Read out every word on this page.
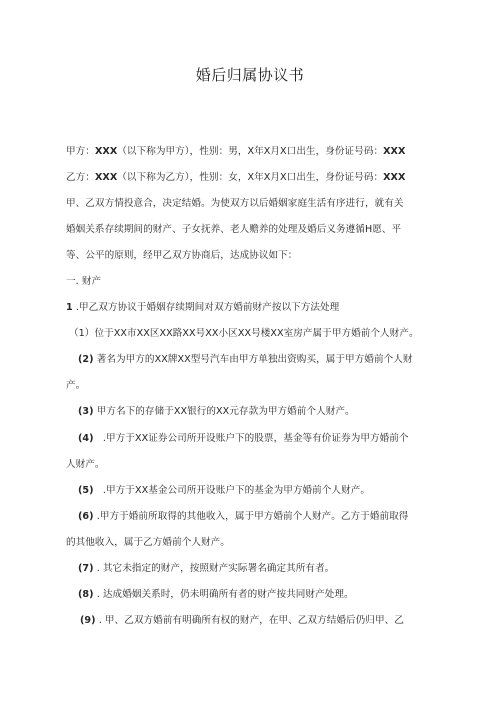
婚后归属协议书
甲方：XXX（以下称为甲方），性别：男，X年X月X口出生，身份证号码：XXX
乙方：XXX（以下称为乙方），性别：女，X年X月X口出生，身份证号码：XXX
甲、乙双方情投意合，决定结婚。为使双方以后婚姻家庭生活有序进行，就有关
婚姻关系存续期间的财产、子女抚养、老人赡养的处理及婚后义务遵循H愿、平
等、公平的原则，经甲乙双方协商后，达成协议如下：
一. 财产
1 .甲乙双方协议于婚姻存续期间对双方婚前财产按以下方法处理
（1）位于XX市XX区XX路XX号XX小区XX号楼XX室房产属于甲方婚前个人财产。
(2) 著名为甲方的XX牌XX型号汽车由甲方单独出资购买，属于甲方婚前个人财
产。
(3) 甲方名下的存储于XX银行的XX元存款为甲方婚前个人财产。
(4) .甲方于XX证券公司所开设账户下的股票，基金等有价证券为甲方婚前个
人财产。
(5) .甲方于XX基金公司所开设账户下的基金为甲方婚前个人财产。
(6) .甲方于婚前所取得的其他收入，属于甲方婚前个人财产。乙方于婚前取得
的其他收入，属于乙方婚前个人财产。
(7) . 其它未指定的财产，按照财产实际署名确定其所有者。
(8) . 达成婚姻关系时，仍未明确所有者的财产按共同财产处理。
(9) . 甲、乙双方婚前有明确所有权的财产，在甲、乙双方结婚后仍归甲、乙
